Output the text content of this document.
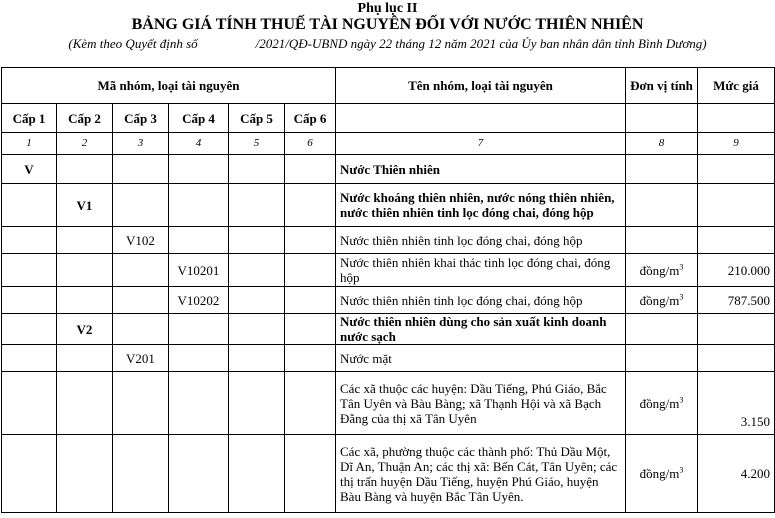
Phụ lục II
BẢNG GIÁ TÍNH THUẾ TÀI NGUYÊN ĐỐI VỚI NƯỚC THIÊN NHIÊN
(Kèm theo Quyết định số	/2021/QĐ-UBND ngày 22 tháng 12 năm 2021 của Ủy ban nhân dân tỉnh Bình Dương)
Mã nhóm, loại tài nguyên						Tên nhóm, loại tài nguyên	Đơn vị tính	Mức giá
Cấp 1	Cấp 2	Cấp 3	Cấp 4	Cấp 5	Cấp 6			
1	2	3	4	5	6	7	8	9
V						Nước Thiên nhiên		
	V1					Nước khoáng thiên nhiên, nước nóng thiên nhiên, nước thiên nhiên tinh lọc đóng chai, đóng hộp		
		V102				Nước thiên nhiên tinh lọc đóng chai, đóng hộp		
			V10201			Nước thiên nhiên khai thác tinh lọc đóng chai, đóng hộp	đồng/$m^3$	210.000
			V10202			Nước thiên nhiên tinh lọc đóng chai, đóng hộp	đồng/$m^3$	787.500
	V2					Nước thiên nhiên dùng cho sản xuất kinh doanh nước sạch		
		V201				Nước mặt		
						Các xã thuộc các huyện: Dầu Tiếng, Phú Giáo, Bắc Tân Uyên và Bàu Bàng; xã Thạnh Hội và xã Bạch Đằng của thị xã Tân Uyên	đồng/$m^3$	3.150
						Các xã, phường thuộc các thành phố: Thủ Dầu Một, Dĩ An, Thuận An; các thị xã: Bến Cát, Tân Uyên; các thị trấn huyện Dầu Tiếng, huyện Phú Giáo, huyện Bàu Bàng và huyện Bắc Tân Uyên.	đồng/$m^3$	4.200
